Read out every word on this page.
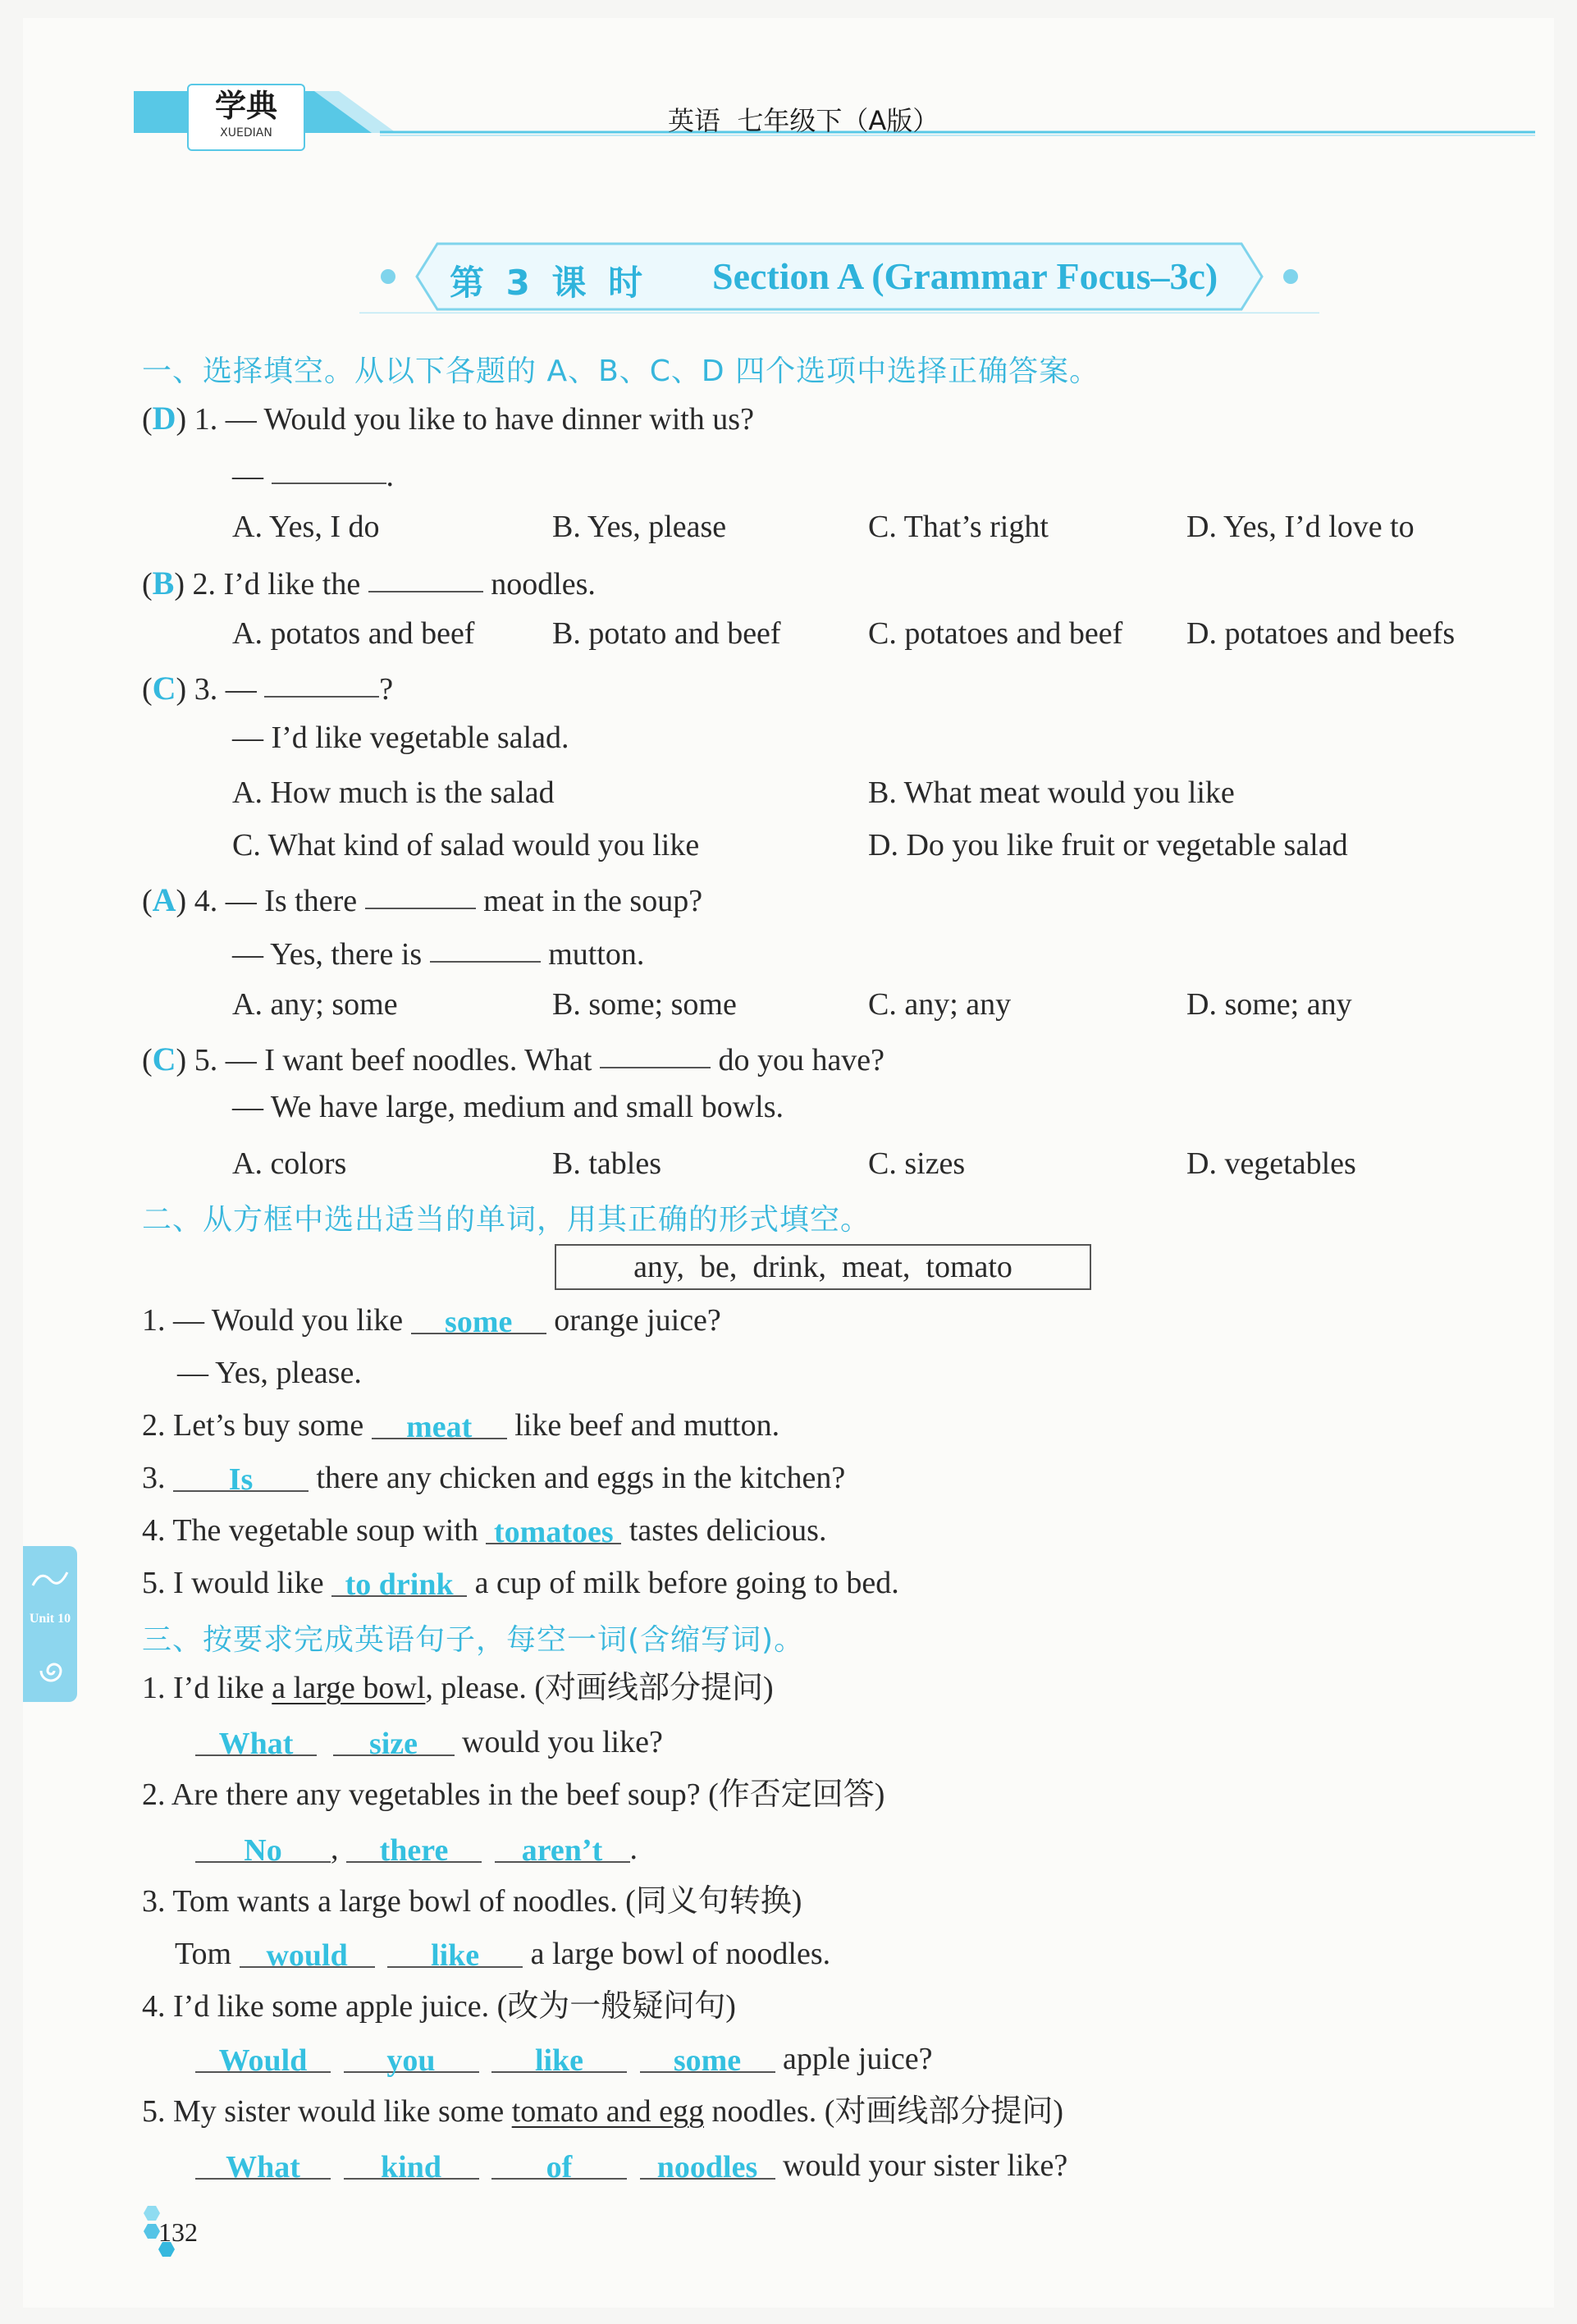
学典
XUEDIAN	英语  七年级下（A版）
第 3 课 时 Section A (Grammar Focus–3c)
一、选择填空。从以下各题的 A、B、C、D 四个选项中选择正确答案。
(D) 1. — Would you like to have dinner with us?
—	.
A. Yes, I do	B. Yes, please	C. That’s right	D. Yes, I’d love to
(B) 2. I’d like the	noodles.
A. potatos and beef B. potato and beef	C. potatoes and beef D. potatoes and beefs
(C) 3. —	?
— I’d like vegetable salad.
A. How much is the salad	B. What meat would you like
C. What kind of salad would you like	D. Do you like fruit or vegetable salad
(A) 4. — Is there	meat in the soup?
— Yes, there is	mutton.
A. any; some	B. some; some	C. any; any	D. some; any
(C) 5. — I want beef noodles. What	do you have?
— We have large, medium and small bowls.
A. colors	B. tables	C. sizes	D. vegetables
二、从方框中选出适当的单词，用其正确的形式填空。
any,  be,  drink,  meat,  tomato
1. — Would you like some orange juice?
— Yes, please.
2. Let’s buy some meat like beef and mutton.
3. Is there any chicken and eggs in the kitchen?
4. The vegetable soup with tomatoes tastes delicious.
5. I would like to drink a cup of milk before going to bed.
三、按要求完成英语句子，每空一词(含缩写词)。
1. I’d like a large bowl, please. (对画线部分提问)
What size would you like?
2. Are there any vegetables in the beef soup? (作否定回答)
No , there aren’t .
3. Tom wants a large bowl of noodles. (同义句转换)
Tom would	like a large bowl of noodles.
4. I’d like some apple juice. (改为一般疑问句)
Would	you	like	some apple juice?
5. My sister would like some tomato and egg noodles. (对画线部分提问)
What	kind	of	noodles would your sister like?
Unit 10
132
